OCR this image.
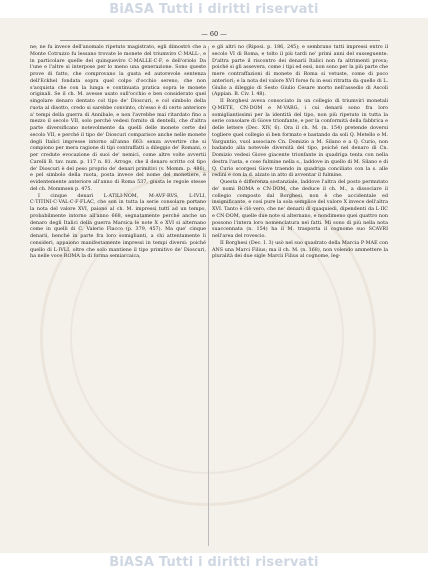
BiASA Tutti i diritti riservati
— 60 —

ne; ne fu invece dell'anomalo ripetuto magistrato, egli dimostrò che a Monte Cotruzzo fu lessano trovate le monete del triumviro C·MALL·, e in particolare quelle del quinquevìro C·MALLE·C·F, e dell'oriolo Da l'une e l'altre si interpose per lo meno una generazione. Sono queste prove di fatto, che comprovano la gusta ed autorevole sentenza dell'Eckhel fondata sopra quel colpo d'occhio sereno, che non s'acquista che con la lunga e continuata pratica sopra le monete originali. Se il ch. M. avesse usato sull'occhio e ben considerato quel singolare denaro dentato col tipo de' Dioscuri, e col simbolo della ruota al disotto, credo si sarebbe convinto, ch'esso è di certo anteriore a' tempi della guerra di Annibale, e non l'avrebbe mai ritardato fino a mezzo il secolo VII, solo perché vedesi fornito di dentelli, che d'altra parte diversificano notevolmente da quelli delle monete certe del secolo VII, e perché il tipo de' Dioscuri comparisce anche nelle monete degli Italici impresse intorno all'anno 663: senza avvertire che si compiono per mera ragione di tipi contraffatti a dileggio de' Romani, o per credute evocazione di suoi de' nemici, come altre volte avvertii Carelli B. tav. num. p. 117 n. 81. Arroge, che il denaro scritto col tipo de' Dioscuri è del peso proprio de' denari primitivi (v. Momm. p. 486), e pel simbolo della ruota, posta invece del nome del monetiere, è evidentemente anteriore all'anno di Roma 537, giusta le regole stesse del ch. Mommsen p. 475.

I cinque denari L·ATILI·NOM, M·AVF·RVS, L·IVLI, C·TITINI·C·VAL·C·F·FLAC, che son in tutta la serie consolare portano la nota del valore XVI, paiono al ch. M. impressi tutti ad un tempo, probabilmente intorno all'anno 668, segnatamente perché anche un denaro degli Italici della guerra Marsica le note X e XVI si alternano come in quelli di C. Valerio Flacco (p. 379, 457). Ma que' cinque denarii, benché in parte fra loro somiglianti, a chi attentamente li consideri, appaiono manifestamente impressi in tempi diversi: poiché quello di L·IVLI, oltre che solo mantiene il tipo primitivo de' Dioscuri, ha nelle voce ROMA la di forma semiarcaica,

e gli altri no (Riposi. p. 186, 245); e sembrano tutti impressi entro il secolo VI di Roma, e tolto il più tardi ne' primi anni del susseguente. D'altra parte il riscontro dei denarii Italici non fa altrimenti prova; poiché si gli assevera, come i tipi ed essi, non sono per la più parte che mere contraffazioni di monete di Roma si vetuste, come di poco anteriori; e la nota del valore XVI forse fu in essi ritratta da quello di L. Giulio a dileggio di Sesto Giulio Cesare morto nell'assedio di Ascoli (Appian. B. Civ. I. 48).

II Borghesi aveva consociato in un collegio di triumviri monetali Q·METE, CN·DOM e M·VARG, i cui denarii sono fra loro somigliantissimi per la identità del tipo, non più ripetuto in tutta la serie consolare di Giove trionfante, e per la conformità della fabbrica e delle lettere (Dec. XIV, 6). Ora il ch. M. (n. 154) pretende doversi togliere quel collegio sì ben formato e bastando da soli Q. Metello e M. Varguntio, vuol associare Cn. Domizio a M. Silano e a Q. Curio, non badando alla notevole diversità del tipo, poiché nel denaro di Cn. Domizio vedesi Giove giacente trionfante in quadriga tenta con nella destra l'asta, e cose fulmine nella s., laddove in quello di M. Silano e di Q. Curio scorgesi Giove traendo in quadriga conciliato con la s. alle redini e con la d. alzato in atto di avventar il fulmine.

Questa è differenza sostanziale, laddove l'altra del posto permutato de' nomi ROMA e CN·DOM, che deduce il ch. M., a dissociare il collegio composto dal Borghesi, non è che accidentale ed insignificante, e così pure la sola semplice del valore X invece dell'altra XVI. Tanto è ciò vero, che ne' denarii di quaquiedi, dipendenti da L·IIC e CN·DOM, quelle due note si alternano, e nondimeno quei quattro non possono l'intera loro nomenclatura neì fatti. Mi sono di più nella nota suaccennata (n. 154) ha il M. trasporta il cognome suo SCAVRI nell'area del rovescio.

II Borghesi (Dec. I. 3) usò nel suo quadrato della Marcia P·MAE con ANS una Marci Filius; ma il ch. M. (n. 168), non volendo ammettere la pluralità dei due sigle Marcii Filius al cognome, leg-

BiASA Tutti i diritti riservati
